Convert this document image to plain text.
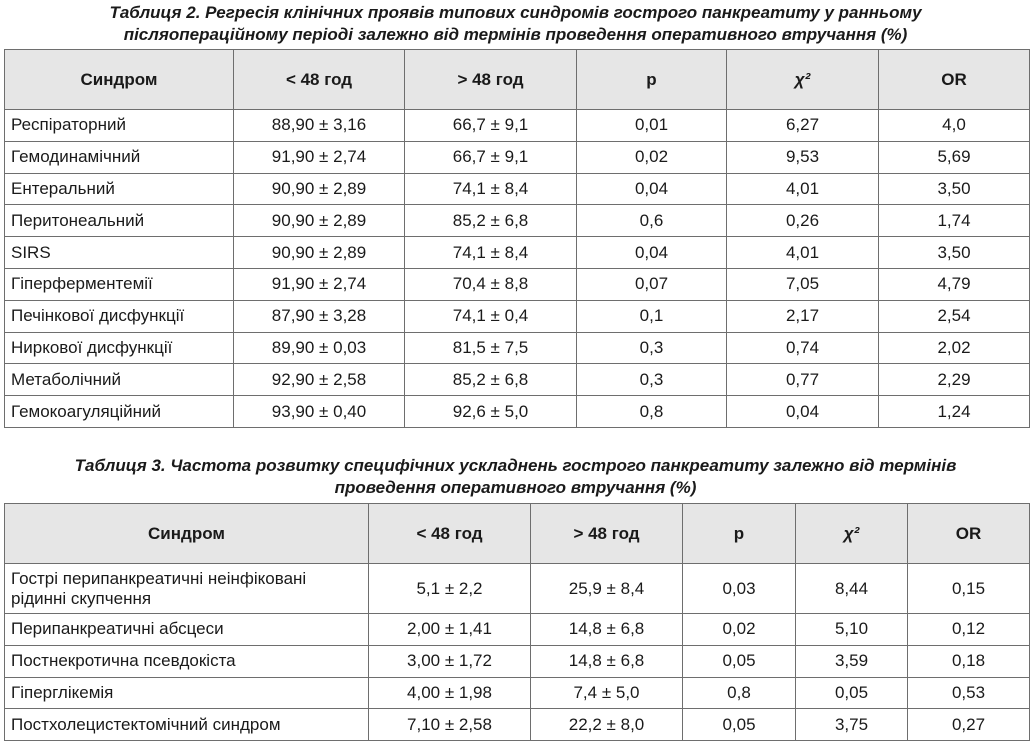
Таблиця 2. Регресія клінічних проявів типових синдромів гострого панкреатиту у ранньому
післяопераційному періоді залежно від термінів проведення оперативного втручання (%)
Синдром	< 48 год	> 48 год	p	χ²	OR
Респіраторний	88,90 ± 3,16	66,7 ± 9,1	0,01	6,27	4,0
Гемодинамічний	91,90 ± 2,74	66,7 ± 9,1	0,02	9,53	5,69
Ентеральний	90,90 ± 2,89	74,1 ± 8,4	0,04	4,01	3,50
Перитонеальний	90,90 ± 2,89	85,2 ± 6,8	0,6	0,26	1,74
SIRS	90,90 ± 2,89	74,1 ± 8,4	0,04	4,01	3,50
Гіперферментемії	91,90 ± 2,74	70,4 ± 8,8	0,07	7,05	4,79
Печінкової дисфункції	87,90 ± 3,28	74,1 ± 0,4	0,1	2,17	2,54
Ниркової дисфункції	89,90 ± 0,03	81,5 ± 7,5	0,3	0,74	2,02
Метаболічний	92,90 ± 2,58	85,2 ± 6,8	0,3	0,77	2,29
Гемокоагуляційний	93,90 ± 0,40	92,6 ± 5,0	0,8	0,04	1,24
Таблиця 3. Частота розвитку специфічних ускладнень гострого панкреатиту залежно від термінів
проведення оперативного втручання (%)
Синдром	< 48 год	> 48 год	p	χ²	OR
Гострі перипанкреатичні неінфіковані рідинні скупчення	5,1 ± 2,2	25,9 ± 8,4	0,03	8,44	0,15
Перипанкреатичні абсцеси	2,00 ± 1,41	14,8 ± 6,8	0,02	5,10	0,12
Постнекротична псевдокіста	3,00 ± 1,72	14,8 ± 6,8	0,05	3,59	0,18
Гіперглікемія	4,00 ± 1,98	7,4 ± 5,0	0,8	0,05	0,53
Постхолецистектомічний синдром	7,10 ± 2,58	22,2 ± 8,0	0,05	3,75	0,27
